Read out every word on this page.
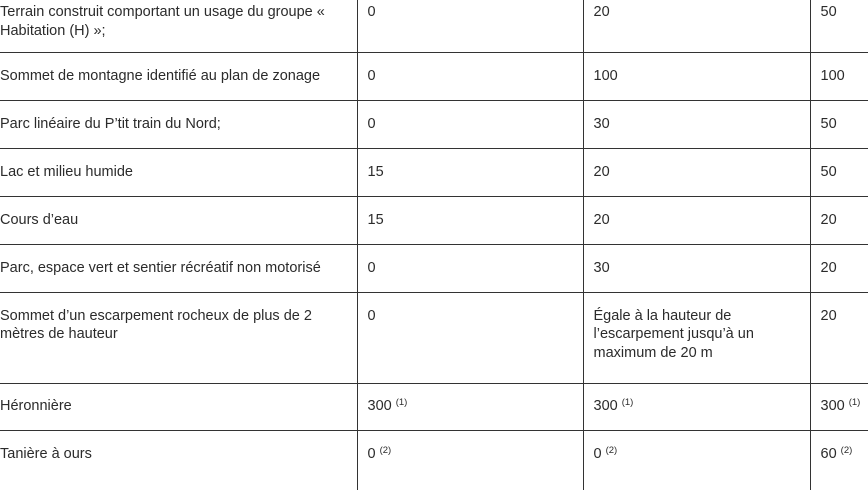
Terrain construit comportant un usage du groupe « Habitation (H) »;	0	20	50
Sommet de montagne identifié au plan de zonage	0	100	100
Parc linéaire du P’tit train du Nord;	0	30	50
Lac et milieu humide	15	20	50
Cours d’eau	15	20	20
Parc, espace vert et sentier récréatif non motorisé	0	30	20
Sommet d’un escarpement rocheux de plus de 2 mètres de hauteur	0	Égale à la hauteur de l’escarpement jusqu’à un maximum de 20 m	20
Héronnière	300 $^{(1)}$	300 $^{(1)}$	300 $^{(1)}$
Tanière à ours	0 $^{(2)}$	0 $^{(2)}$	60 $^{(2)}$
